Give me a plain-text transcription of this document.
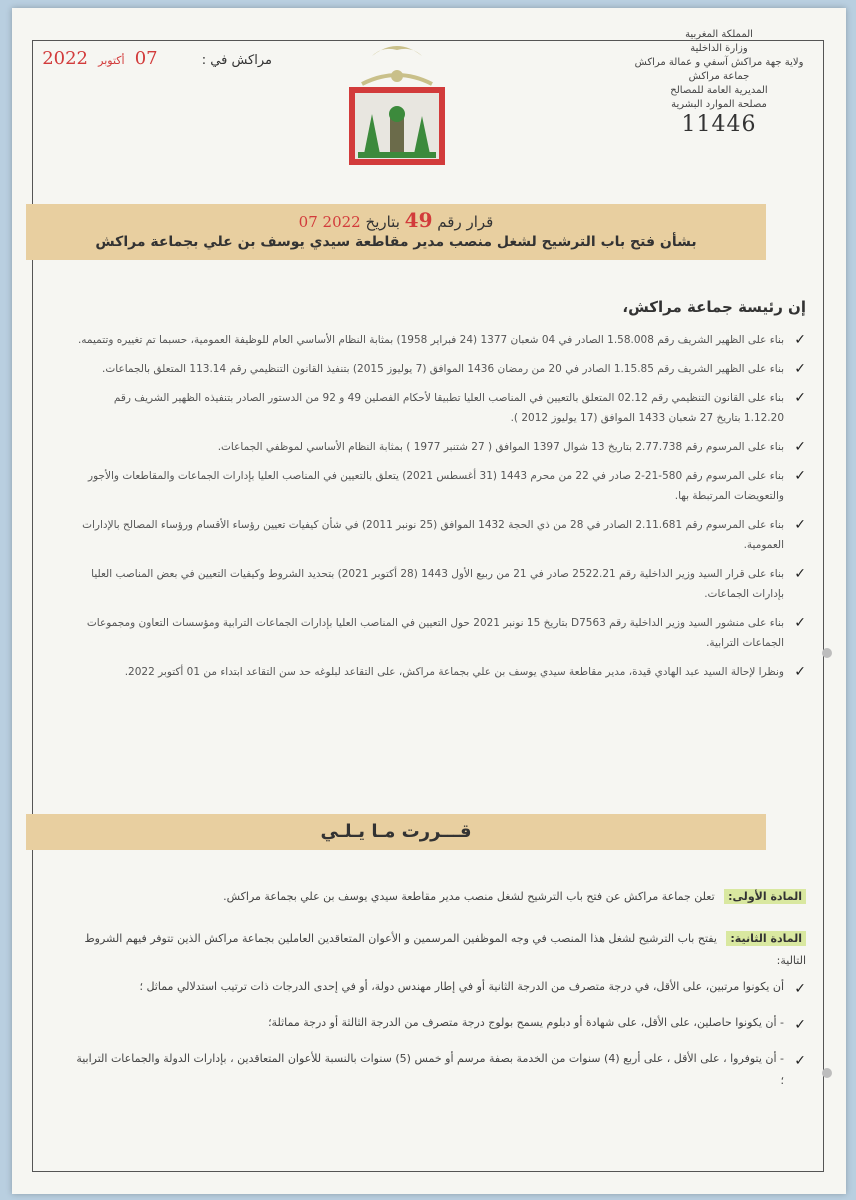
المملكة المغربية
وزارة الداخلية
ولاية جهة مراكش آسفي و عمالة مراكش
جماعة مراكش
المديرية العامة للمصالح
مصلحة الموارد البشرية
11446
مراكش في : 07 أكتوبر 2022
قرار رقم 49 بتاريخ 2022 07
بشأن فتح باب الترشيح لشغل منصب مدير مقاطعة سيدي يوسف بن علي بجماعة مراكش
إن رئيسة جماعة مراكش،
✓
بناء على الظهير الشريف رقم 1.58.008 الصادر في 04 شعبان 1377 (24 فبراير 1958) بمثابة النظام الأساسي العام للوظيفة العمومية، حسبما تم تغييره وتتميمه.
✓
بناء على الظهير الشريف رقم 1.15.85 الصادر في 20 من رمضان 1436 الموافق (7 يوليوز 2015) بتنفيذ القانون التنظيمي رقم 113.14 المتعلق بالجماعات.
✓
بناء على القانون التنظيمي رقم 02.12 المتعلق بالتعيين في المناصب العليا تطبيقا لأحكام الفصلين 49 و 92 من الدستور الصادر بتنفيذه الظهير الشريف رقم 1.12.20 بتاريخ 27 شعبان 1433 الموافق (17 يوليوز 2012 ).
✓
بناء على المرسوم رقم 2.77.738 بتاريخ 13 شوال 1397 الموافق ( 27 شتنبر 1977 ) بمثابة النظام الأساسي لموظفي الجماعات.
✓
بناء على المرسوم رقم 580-21-2 صادر في 22 من محرم 1443 (31 أغسطس 2021) يتعلق بالتعيين في المناصب العليا بإدارات الجماعات والمقاطعات والأجور والتعويضات المرتبطة بها.
✓
بناء على المرسوم رقم 2.11.681 الصادر في 28 من ذي الحجة 1432 الموافق (25 نونبر 2011) في شأن كيفيات تعيين رؤساء الأقسام ورؤساء المصالح بالإدارات العمومية.
✓
بناء على قرار السيد وزير الداخلية رقم 2522.21 صادر في 21 من ربيع الأول 1443 (28 أكتوبر 2021) بتحديد الشروط وكيفيات التعيين في بعض المناصب العليا بإدارات الجماعات.
✓
بناء على منشور السيد وزير الداخلية رقم D7563 بتاريخ 15 نونبر 2021 حول التعيين في المناصب العليا بإدارات الجماعات الترابية ومؤسسات التعاون ومجموعات الجماعات الترابية.
✓
ونظرا لإحالة السيد عبد الهادي قيدة، مدير مقاطعة سيدي يوسف بن علي بجماعة مراكش، على التقاعد لبلوغه حد سن التقاعد ابتداء من 01 أكتوبر 2022.
قـــررت مـا يـلـي
المادة الأولى: تعلن جماعة مراكش عن فتح باب الترشيح لشغل منصب مدير مقاطعة سيدي يوسف بن علي بجماعة مراكش.
المادة الثانية: يفتح باب الترشيح لشغل هذا المنصب في وجه الموظفين المرسمين و الأعوان المتعاقدين العاملين بجماعة مراكش الذين تتوفر فيهم الشروط التالية:
✓
أن يكونوا مرتبين، على الأقل، في درجة متصرف من الدرجة الثانية أو في إطار مهندس دولة، أو في إحدى الدرجات ذات ترتيب استدلالي مماثل ؛
✓
- أن يكونوا حاصلين، على الأقل، على شهادة أو دبلوم يسمح بولوج درجة متصرف من الدرجة الثالثة أو درجة مماثلة؛
✓
- أن يتوفروا ، على الأقل ، على أربع (4) سنوات من الخدمة بصفة مرسم أو خمس (5) سنوات بالنسبة للأعوان المتعاقدين ، بإدارات الدولة والجماعات الترابية ؛
